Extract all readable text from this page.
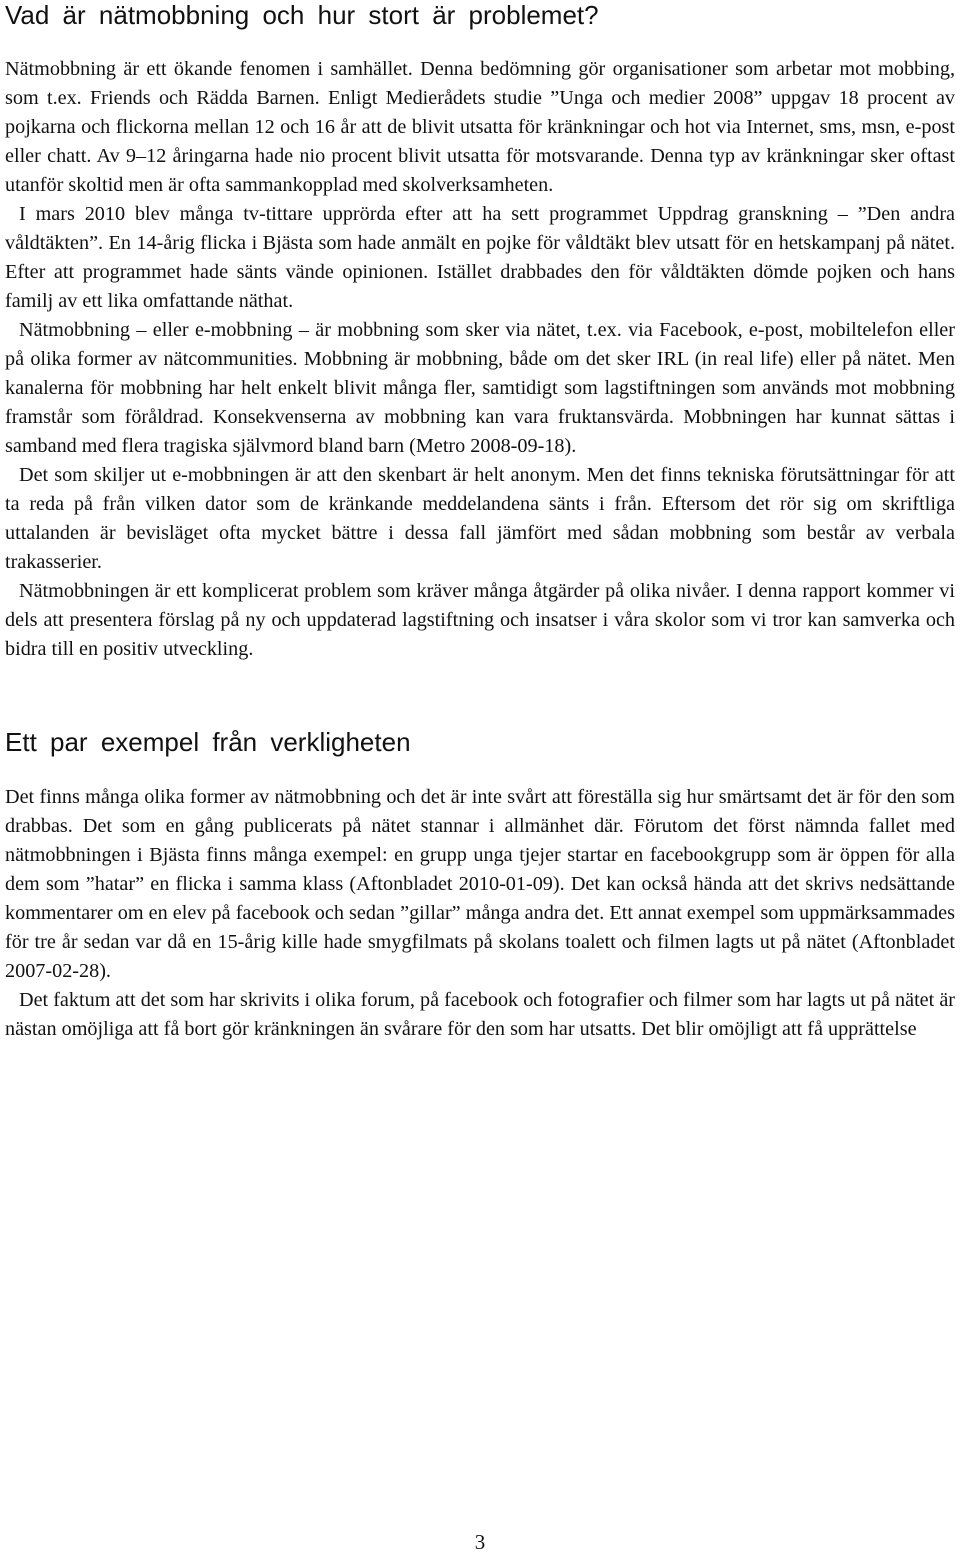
Vad är nätmobbning och hur stort är problemet?

Nätmobbning är ett ökande fenomen i samhället. Denna bedömning gör organisationer som arbetar mot mobbing, som t.ex. Friends och Rädda Barnen. Enligt Medierådets studie ”Unga och medier 2008” uppgav 18 procent av pojkarna och flickorna mellan 12 och 16 år att de blivit utsatta för kränkningar och hot via Internet, sms, msn, e-post eller chatt. Av 9–12 åringarna hade nio procent blivit utsatta för motsvarande. Denna typ av kränkningar sker oftast utanför skoltid men är ofta sammankopplad med skolverksamheten.

I mars 2010 blev många tv-tittare upprörda efter att ha sett programmet Uppdrag granskning – ”Den andra våldtäkten”. En 14-årig flicka i Bjästa som hade anmält en pojke för våldtäkt blev utsatt för en hetskampanj på nätet. Efter att programmet hade sänts vände opinionen. Istället drabbades den för våldtäkten dömde pojken och hans familj av ett lika omfattande näthat.

Nätmobbning – eller e-mobbning – är mobbning som sker via nätet, t.ex. via Facebook, e-post, mobiltelefon eller på olika former av nätcommunities. Mobbning är mobbning, både om det sker IRL (in real life) eller på nätet. Men kanalerna för mobbning har helt enkelt blivit många fler, samtidigt som lagstiftningen som används mot mobbning framstår som föråldrad. Konsekvenserna av mobbning kan vara fruktansvärda. Mobbningen har kunnat sättas i samband med flera tragiska självmord bland barn (Metro 2008-09-18).

Det som skiljer ut e-mobbningen är att den skenbart är helt anonym. Men det finns tekniska förutsättningar för att ta reda på från vilken dator som de kränkande meddelandena sänts i från. Eftersom det rör sig om skriftliga uttalanden är bevisläget ofta mycket bättre i dessa fall jämfört med sådan mobbning som består av verbala trakasserier.

Nätmobbningen är ett komplicerat problem som kräver många åtgärder på olika nivåer. I denna rapport kommer vi dels att presentera förslag på ny och uppdaterad lagstiftning och insatser i våra skolor som vi tror kan samverka och bidra till en positiv utveckling.

Ett par exempel från verkligheten

Det finns många olika former av nätmobbning och det är inte svårt att föreställa sig hur smärtsamt det är för den som drabbas. Det som en gång publicerats på nätet stannar i allmänhet där. Förutom det först nämnda fallet med nätmobbningen i Bjästa finns många exempel: en grupp unga tjejer startar en facebookgrupp som är öppen för alla dem som ”hatar” en flicka i samma klass (Aftonbladet 2010-01-09). Det kan också hända att det skrivs nedsättande kommentarer om en elev på facebook och sedan ”gillar” många andra det. Ett annat exempel som uppmärksammades för tre år sedan var då en 15-årig kille hade smygfilmats på skolans toalett och filmen lagts ut på nätet (Aftonbladet 2007-02-28).

Det faktum att det som har skrivits i olika forum, på facebook och fotografier och filmer som har lagts ut på nätet är nästan omöjliga att få bort gör kränkningen än svårare för den som har utsatts. Det blir omöjligt att få upprättelse

3
